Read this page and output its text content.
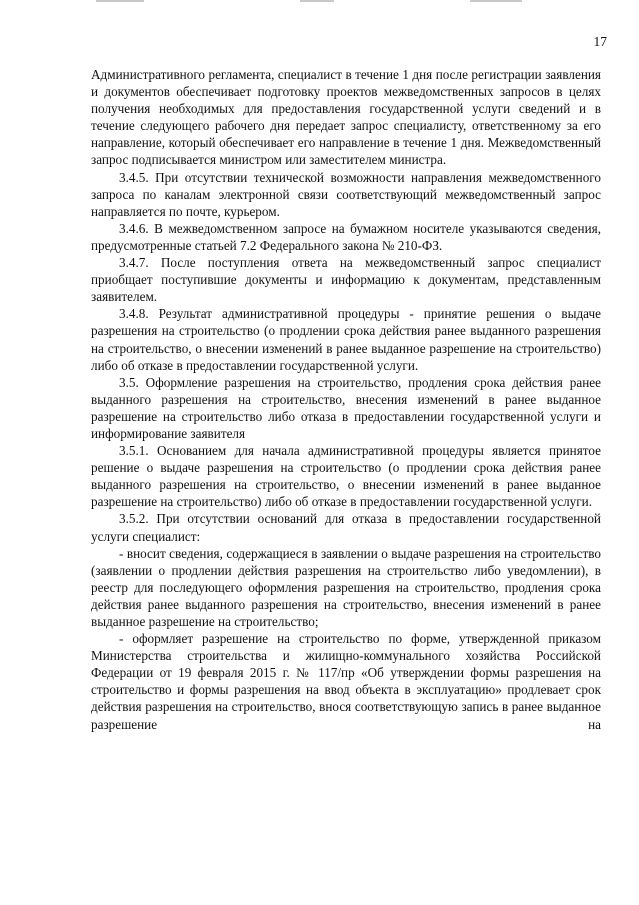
17

Административного регламента, специалист в течение 1 дня после регистрации заявления и документов обеспечивает подготовку проектов межведомственных запросов в целях получения необходимых для предоставления государственной услуги сведений и в течение следующего рабочего дня передает запрос специалисту, ответственному за его направление, который обеспечивает его направление в течение 1 дня. Межведомственный запрос подписывается министром или заместителем министра.

3.4.5. При отсутствии технической возможности направления межведомственного запроса по каналам электронной связи соответствующий межведомственный запрос направляется по почте, курьером.

3.4.6. В межведомственном запросе на бумажном носителе указываются сведения, предусмотренные статьей 7.2 Федерального закона № 210-ФЗ.

3.4.7. После поступления ответа на межведомственный запрос специалист приобщает поступившие документы и информацию к документам, представленным заявителем.

3.4.8. Результат административной процедуры - принятие решения о выдаче разрешения на строительство (о продлении срока действия ранее выданного разрешения на строительство, о внесении изменений в ранее выданное разрешение на строительство) либо об отказе в предоставлении государственной услуги.

3.5. Оформление разрешения на строительство, продления срока действия ранее выданного разрешения на строительство, внесения изменений в ранее выданное разрешение на строительство либо отказа в предоставлении государственной услуги и информирование заявителя

3.5.1. Основанием для начала административной процедуры является принятое решение о выдаче разрешения на строительство (о продлении срока действия ранее выданного разрешения на строительство, о внесении изменений в ранее выданное разрешение на строительство) либо об отказе в предоставлении государственной услуги.

3.5.2. При отсутствии оснований для отказа в предоставлении государственной услуги специалист:

- вносит сведения, содержащиеся в заявлении о выдаче разрешения на строительство (заявлении о продлении действия разрешения на строительство либо уведомлении), в реестр для последующего оформления разрешения на строительство, продления срока действия ранее выданного разрешения на строительство, внесения изменений в ранее выданное разрешение на строительство;

- оформляет разрешение на строительство по форме, утвержденной приказом Министерства строительства и жилищно-коммунального хозяйства Российской Федерации от 19 февраля 2015 г. № 117/пр «Об утверждении формы разрешения на строительство и формы разрешения на ввод объекта в эксплуатацию» продлевает срок действия разрешения на строительство, внося соответствующую запись в ранее выданное разрешение на
